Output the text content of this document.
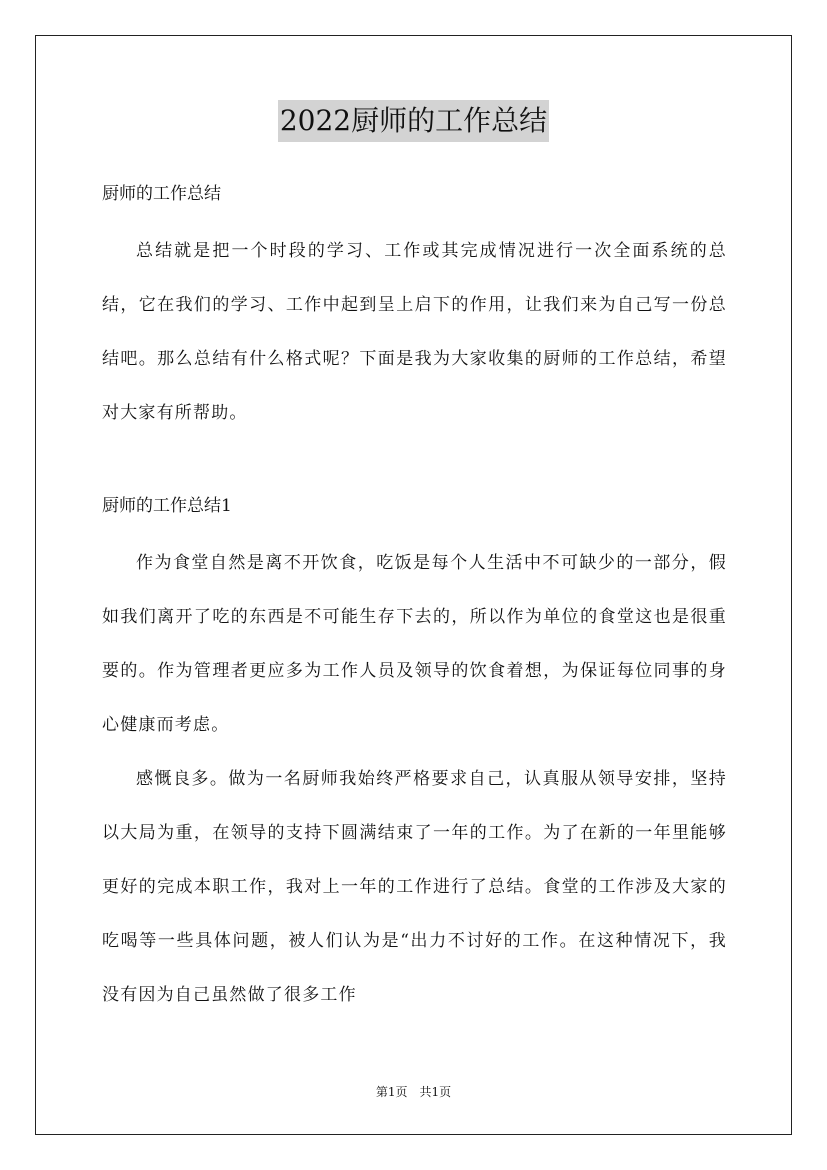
2022厨师的工作总结

厨师的工作总结

总结就是把一个时段的学习、工作或其完成情况进行一次全面系统的总结，它在我们的学习、工作中起到呈上启下的作用，让我们来为自己写一份总结吧。那么总结有什么格式呢？下面是我为大家收集的厨师的工作总结，希望对大家有所帮助。

厨师的工作总结1

作为食堂自然是离不开饮食，吃饭是每个人生活中不可缺少的一部分，假如我们离开了吃的东西是不可能生存下去的，所以作为单位的食堂这也是很重要的。作为管理者更应多为工作人员及领导的饮食着想，为保证每位同事的身心健康而考虑。

感慨良多。做为一名厨师我始终严格要求自己，认真服从领导安排，坚持以大局为重，在领导的支持下圆满结束了一年的工作。为了在新的一年里能够更好的完成本职工作，我对上一年的工作进行了总结。食堂的工作涉及大家的吃喝等一些具体问题，被人们认为是“出力不讨好的工作。在这种情况下，我没有因为自己虽然做了很多工作

第1页　共1页
